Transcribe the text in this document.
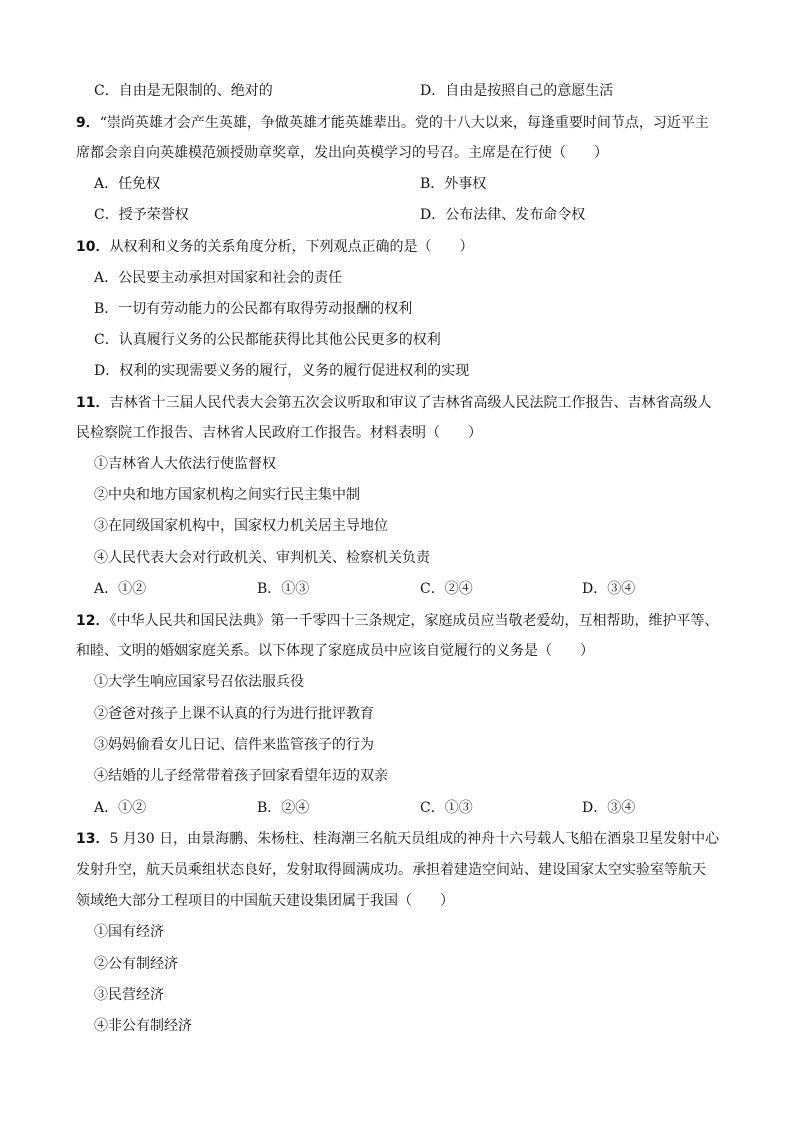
C．自由是无限制的、绝对的	D．自由是按照自己的意愿生活
9．“崇尚英雄才会产生英雄，争做英雄才能英雄辈出。党的十八大以来，每逢重要时间节点，习近平主
席都会亲自向英雄模范颁授勋章奖章，发出向英模学习的号召。主席是在行使（　　）
A．任免权	B．外事权
C．授予荣誉权	D．公布法律、发布命令权
10．从权利和义务的关系角度分析，下列观点正确的是（　　）
A．公民要主动承担对国家和社会的责任
B．一切有劳动能力的公民都有取得劳动报酬的权利
C．认真履行义务的公民都能获得比其他公民更多的权利
D．权利的实现需要义务的履行，义务的履行促进权利的实现
11．吉林省十三届人民代表大会第五次会议听取和审议了吉林省高级人民法院工作报告、吉林省高级人
民检察院工作报告、吉林省人民政府工作报告。材料表明（　　）
①吉林省人大依法行使监督权
②中央和地方国家机构之间实行民主集中制
③在同级国家机构中，国家权力机关居主导地位
④人民代表大会对行政机关、审判机关、检察机关负责
A．①②	B．①③	C．②④	D．③④
12．《中华人民共和国民法典》第一千零四十三条规定，家庭成员应当敬老爱幼，互相帮助，维护平等、
和睦、文明的婚姻家庭关系。以下体现了家庭成员中应该自觉履行的义务是（　　）
①大学生响应国家号召依法服兵役
②爸爸对孩子上课不认真的行为进行批评教育
③妈妈偷看女儿日记、信件来监管孩子的行为
④结婚的儿子经常带着孩子回家看望年迈的双亲
A．①②	B．②④	C．①③	D．③④
13．5 月30 日，由景海鹏、朱杨柱、桂海潮三名航天员组成的神舟十六号载人飞船在酒泉卫星发射中心
发射升空，航天员乘组状态良好，发射取得圆满成功。承担着建造空间站、建设国家太空实验室等航天
领域绝大部分工程项目的中国航天建设集团属于我国（　　）
①国有经济
②公有制经济
③民营经济
④非公有制经济
